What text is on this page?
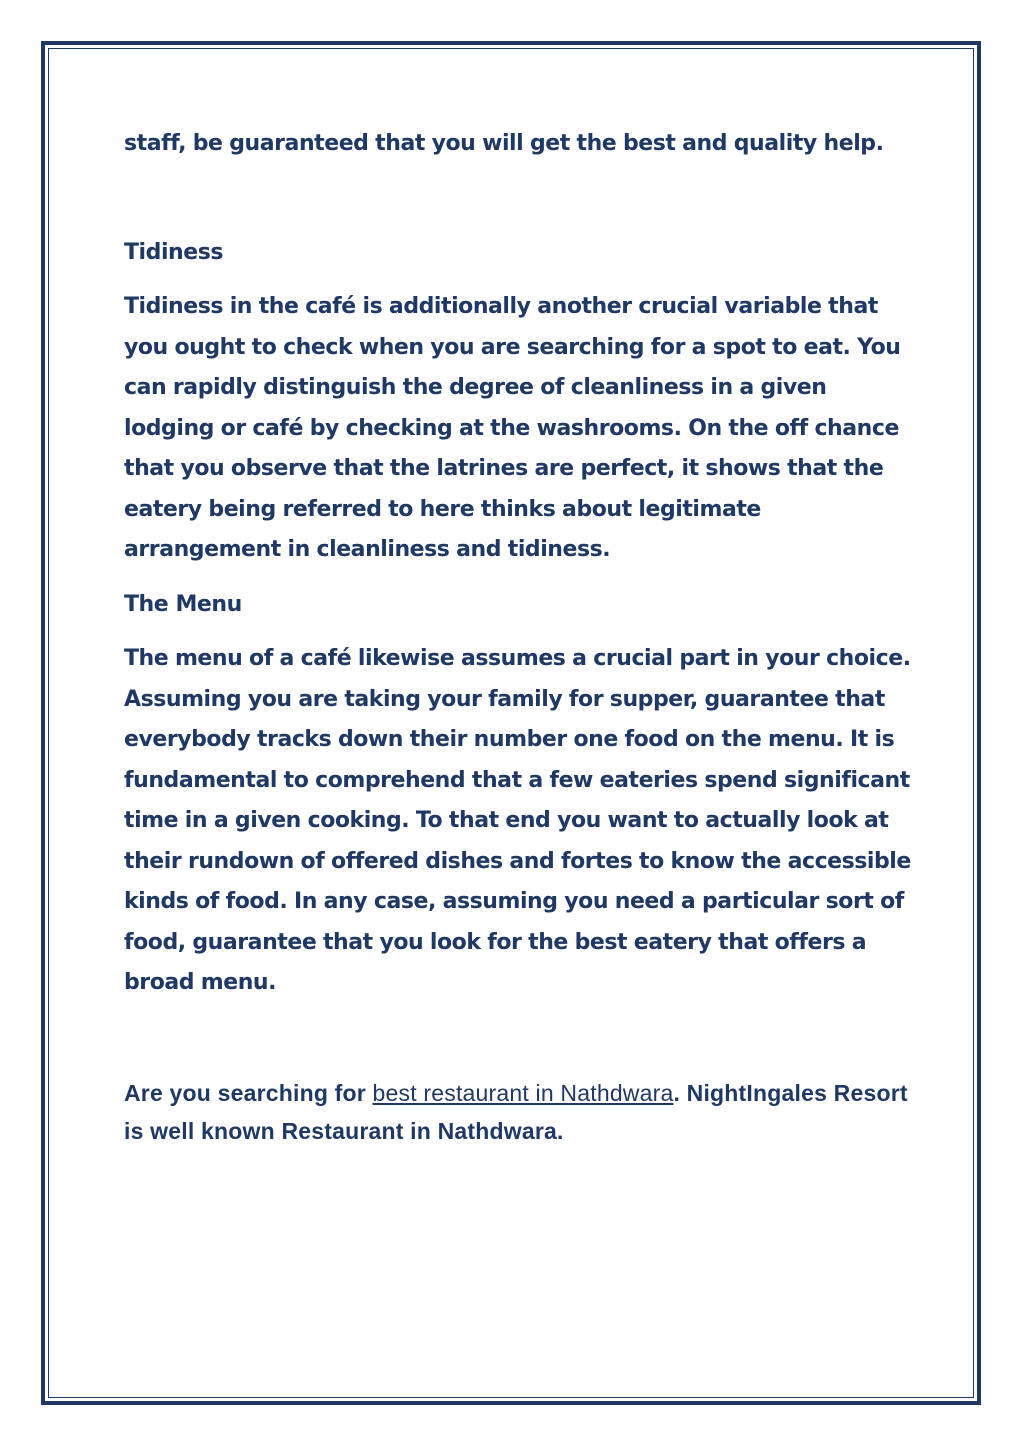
staff, be guaranteed that you will get the best and quality help.

Tidiness

Tidiness in the café is additionally another crucial variable that you ought to check when you are searching for a spot to eat. You can rapidly distinguish the degree of cleanliness in a given lodging or café by checking at the washrooms. On the off chance that you observe that the latrines are perfect, it shows that the eatery being referred to here thinks about legitimate arrangement in cleanliness and tidiness.

The Menu

The menu of a café likewise assumes a crucial part in your choice. Assuming you are taking your family for supper, guarantee that everybody tracks down their number one food on the menu. It is fundamental to comprehend that a few eateries spend significant time in a given cooking. To that end you want to actually look at their rundown of offered dishes and fortes to know the accessible kinds of food. In any case, assuming you need a particular sort of food, guarantee that you look for the best eatery that offers a broad menu.

Are you searching for best restaurant in Nathdwara. NightIngales Resort is well known Restaurant in Nathdwara.
